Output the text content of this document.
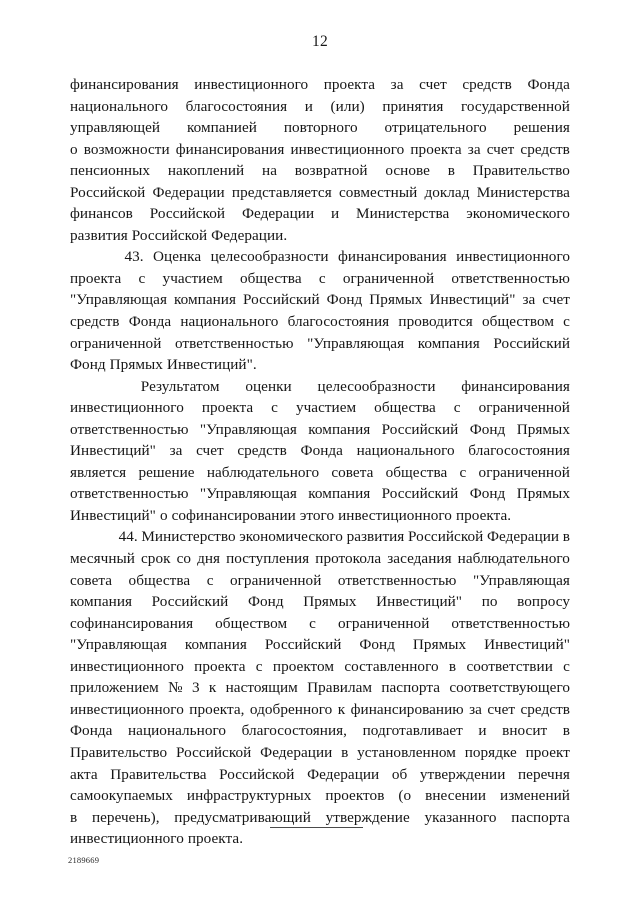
12
финансирования инвестиционного проекта за счет средств Фонда
национального благосостояния и (или) принятия государственной
управляющей компанией повторного отрицательного решения
о возможности финансирования инвестиционного проекта за счет средств
пенсионных накоплений на возвратной основе в Правительство
Российской Федерации представляется совместный доклад Министерства
финансов Российской Федерации и Министерства экономического
развития Российской Федерации.
43. Оценка целесообразности финансирования инвестиционного
проекта с участием общества с ограниченной ответственностью
"Управляющая компания Российский Фонд Прямых Инвестиций" за счет
средств Фонда национального благосостояния проводится обществом с
ограниченной ответственностью "Управляющая компания Российский
Фонд Прямых Инвестиций".
Результатом оценки целесообразности финансирования
инвестиционного проекта с участием общества с ограниченной
ответственностью "Управляющая компания Российский Фонд Прямых
Инвестиций" за счет средств Фонда национального благосостояния
является решение наблюдательного совета общества с ограниченной
ответственностью "Управляющая компания Российский Фонд Прямых
Инвестиций" о софинансировании этого инвестиционного проекта.
44. Министерство экономического развития Российской Федерации в
месячный срок со дня поступления протокола заседания наблюдательного
совета общества с ограниченной ответственностью "Управляющая
компания Российский Фонд Прямых Инвестиций" по вопросу
софинансирования обществом с ограниченной ответственностью
"Управляющая компания Российский Фонд Прямых Инвестиций"
инвестиционного проекта с проектом составленного в соответствии с
приложением № 3 к настоящим Правилам паспорта соответствующего
инвестиционного проекта, одобренного к финансированию за счет средств
Фонда национального благосостояния, подготавливает и вносит в
Правительство Российской Федерации в установленном порядке проект
акта Правительства Российской Федерации об утверждении перечня
самоокупаемых инфраструктурных проектов (о внесении изменений
в перечень), предусматривающий утверждение указанного паспорта
инвестиционного проекта.
2189669
